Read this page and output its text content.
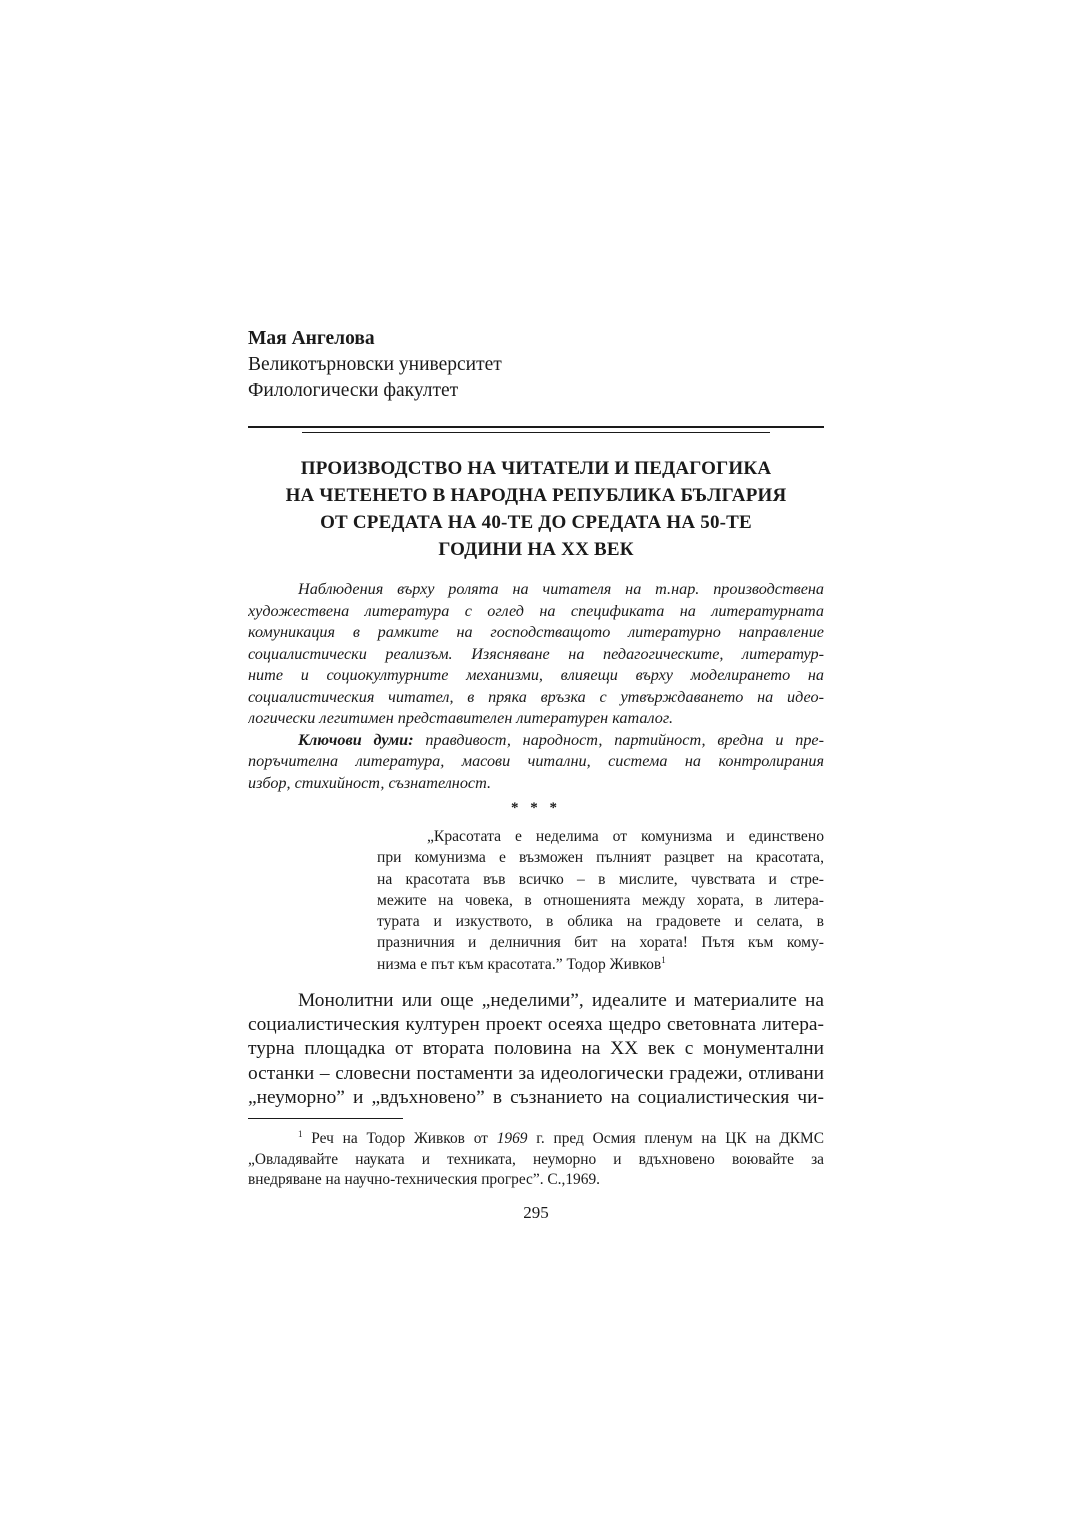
Мая Ангелова
Великотърновски университет
Филологически факултет
ПРОИЗВОДСТВО НА ЧИТАТЕЛИ И ПЕДАГОГИКА
НА ЧЕТЕНЕТО В НАРОДНА РЕПУБЛИКА БЪЛГАРИЯ
ОТ СРЕДАТА НА 40-ТЕ ДО СРЕДАТА НА 50-ТЕ
ГОДИНИ НА XX ВЕК
Наблюдения върху ролята на читателя на т.нар. производствена
художествена литература с оглед на спецификата на литературната
комуникация в рамките на господстващото литературно направление
социалистически реализъм. Изясняване на педагогическите, литератур-
ните и социокултурните механизми, влияещи върху моделирането на
социалистическия читател, в пряка връзка с утвърждаването на идео-
логически легитимен представителен литературен каталог.
Ключови думи: правдивост, народност, партийност, вредна и пре-
поръчителна литература, масови читални, система на контролирания
избор, стихийност, съзнателност.
* * *
„Красотата е неделима от комунизма и единствено
при комунизма е възможен пълният разцвет на красотата,
на красотата във всичко – в мислите, чувствата и стре-
межите на човека, в отношенията между хората, в литера-
турата и изкуството, в облика на градовете и селата, в
празничния и делничния бит на хората! Пътя към кому-
низма е път към красотата.” Тодор Живков$^1$
Монолитни или още „неделими”, идеалите и материалите на
социалистическия културен проект осеяха щедро световната литера-
турна площадка от втората половина на XX век с монументални
останки – словесни постаменти за идеологически градежи, отливани
„неуморно” и „вдъхновено” в съзнанието на социалистическия чи-
$^1$ Реч на Тодор Живков от 1969 г. пред Осмия пленум на ЦК на ДКМС
„Овладявайте науката и техниката, неуморно и вдъхновено воювайте за
внедряване на научно-техническия прогрес”. С.,1969.
295
